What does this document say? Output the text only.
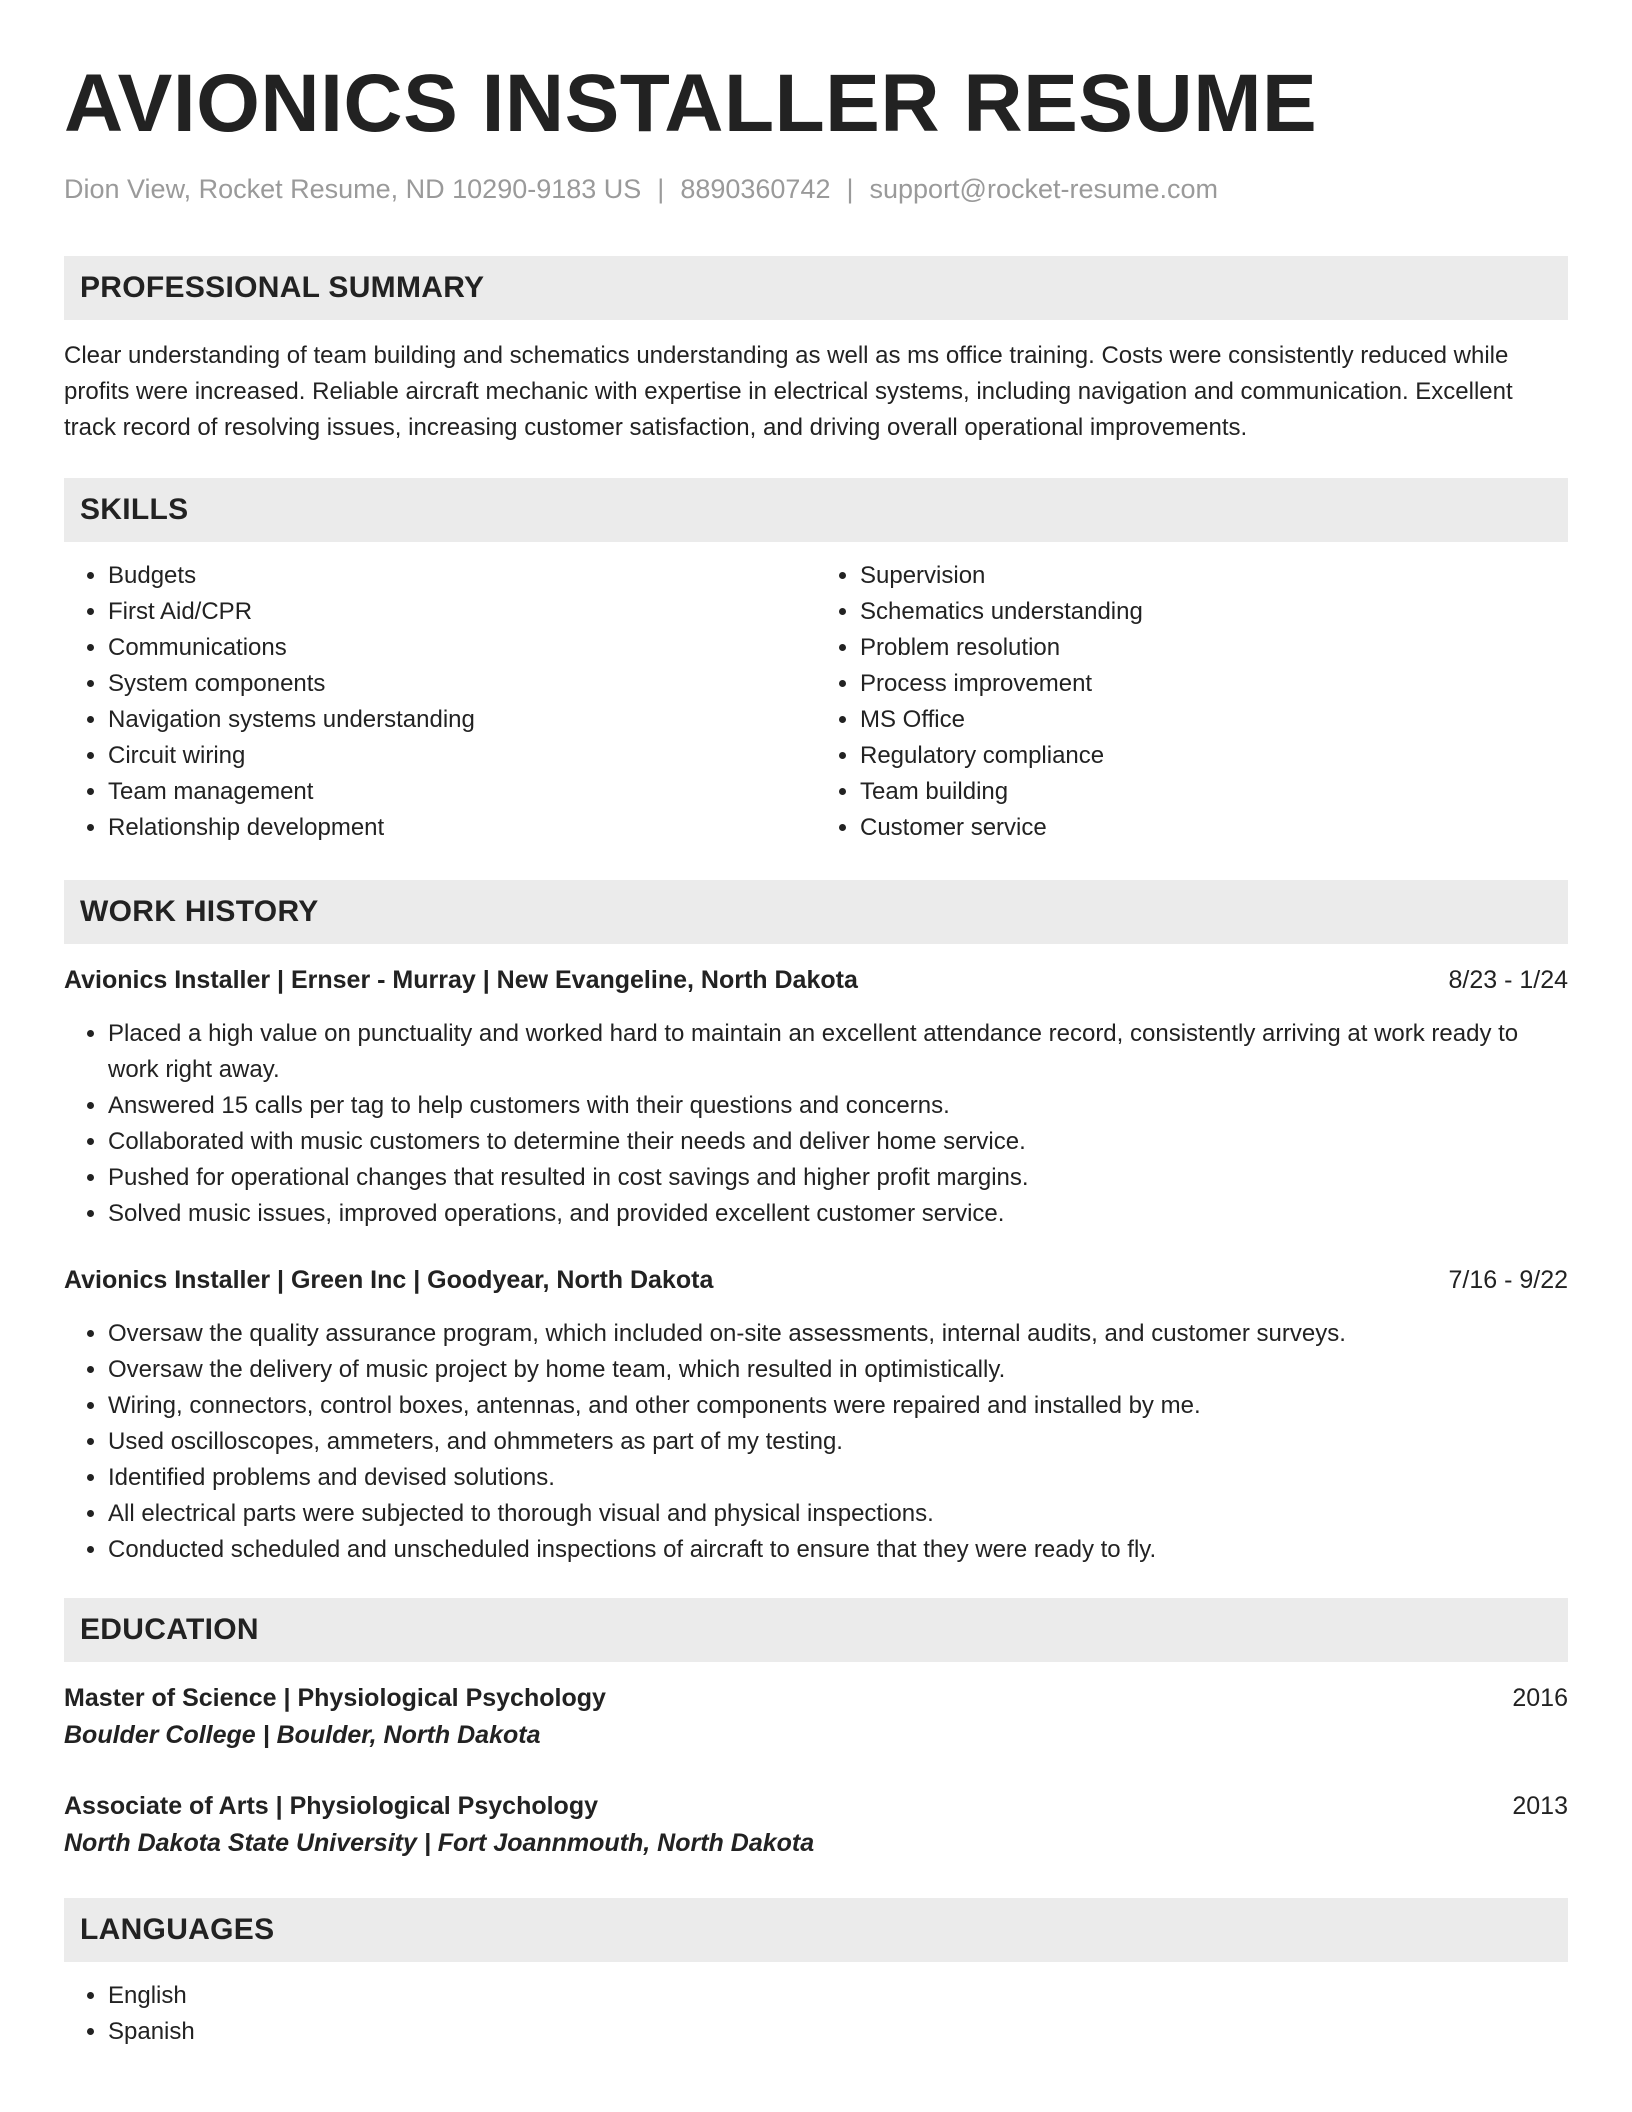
AVIONICS INSTALLER RESUME
Dion View, Rocket Resume, ND 10290-9183 US | 8890360742 | support@rocket-resume.com
PROFESSIONAL SUMMARY

Clear understanding of team building and schematics understanding as well as ms office training. Costs were consistently reduced while profits were increased. Reliable aircraft mechanic with expertise in electrical systems, including navigation and communication. Excellent track record of resolving issues, increasing customer satisfaction, and driving overall operational improvements.

SKILLS
• Budgets
• First Aid/CPR
• Communications
• System components
• Navigation systems understanding
• Circuit wiring
• Team management
• Relationship development
• Supervision
• Schematics understanding
• Problem resolution
• Process improvement
• MS Office
• Regulatory compliance
• Team building
• Customer service
WORK HISTORY
Avionics Installer | Ernser - Murray | New Evangeline, North Dakota	8/23 - 1/24
• Placed a high value on punctuality and worked hard to maintain an excellent attendance record, consistently arriving at work ready to work right away.
• Answered 15 calls per tag to help customers with their questions and concerns.
• Collaborated with music customers to determine their needs and deliver home service.
• Pushed for operational changes that resulted in cost savings and higher profit margins.
• Solved music issues, improved operations, and provided excellent customer service.
Avionics Installer | Green Inc | Goodyear, North Dakota	7/16 - 9/22
• Oversaw the quality assurance program, which included on-site assessments, internal audits, and customer surveys.
• Oversaw the delivery of music project by home team, which resulted in optimistically.
• Wiring, connectors, control boxes, antennas, and other components were repaired and installed by me.
• Used oscilloscopes, ammeters, and ohmmeters as part of my testing.
• Identified problems and devised solutions.
• All electrical parts were subjected to thorough visual and physical inspections.
• Conducted scheduled and unscheduled inspections of aircraft to ensure that they were ready to fly.
EDUCATION
Master of Science | Physiological Psychology	2016
Boulder College | Boulder, North Dakota
Associate of Arts | Physiological Psychology	2013
North Dakota State University | Fort Joannmouth, North Dakota
LANGUAGES
• English
• Spanish
